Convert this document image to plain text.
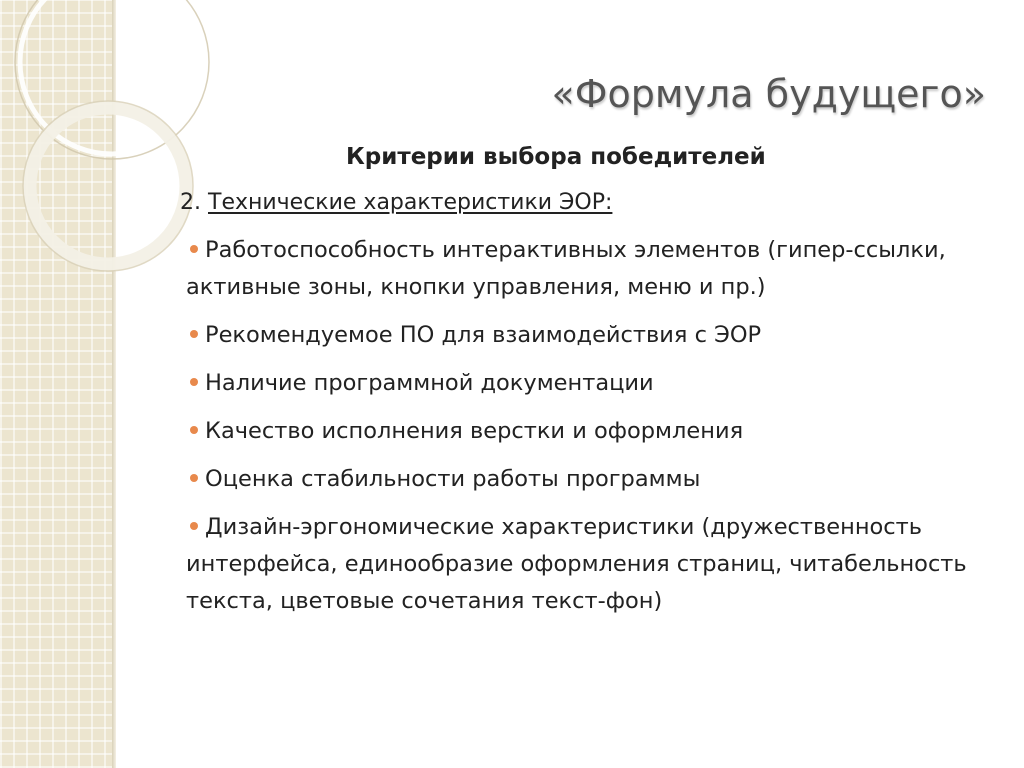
«Формула будущего»
Критерии выбора победителей
2. Технические характеристики ЭОР:
Работоспособность интерактивных элементов (гипер-ссылки, активные зоны, кнопки управления, меню и пр.)
Рекомендуемое ПО для взаимодействия с ЭОР
Наличие программной документации
Качество исполнения верстки и оформления
Оценка стабильности работы программы
Дизайн-эргономические характеристики (дружественность интерфейса, единообразие оформления страниц, читабельность текста, цветовые сочетания текст-фон)
